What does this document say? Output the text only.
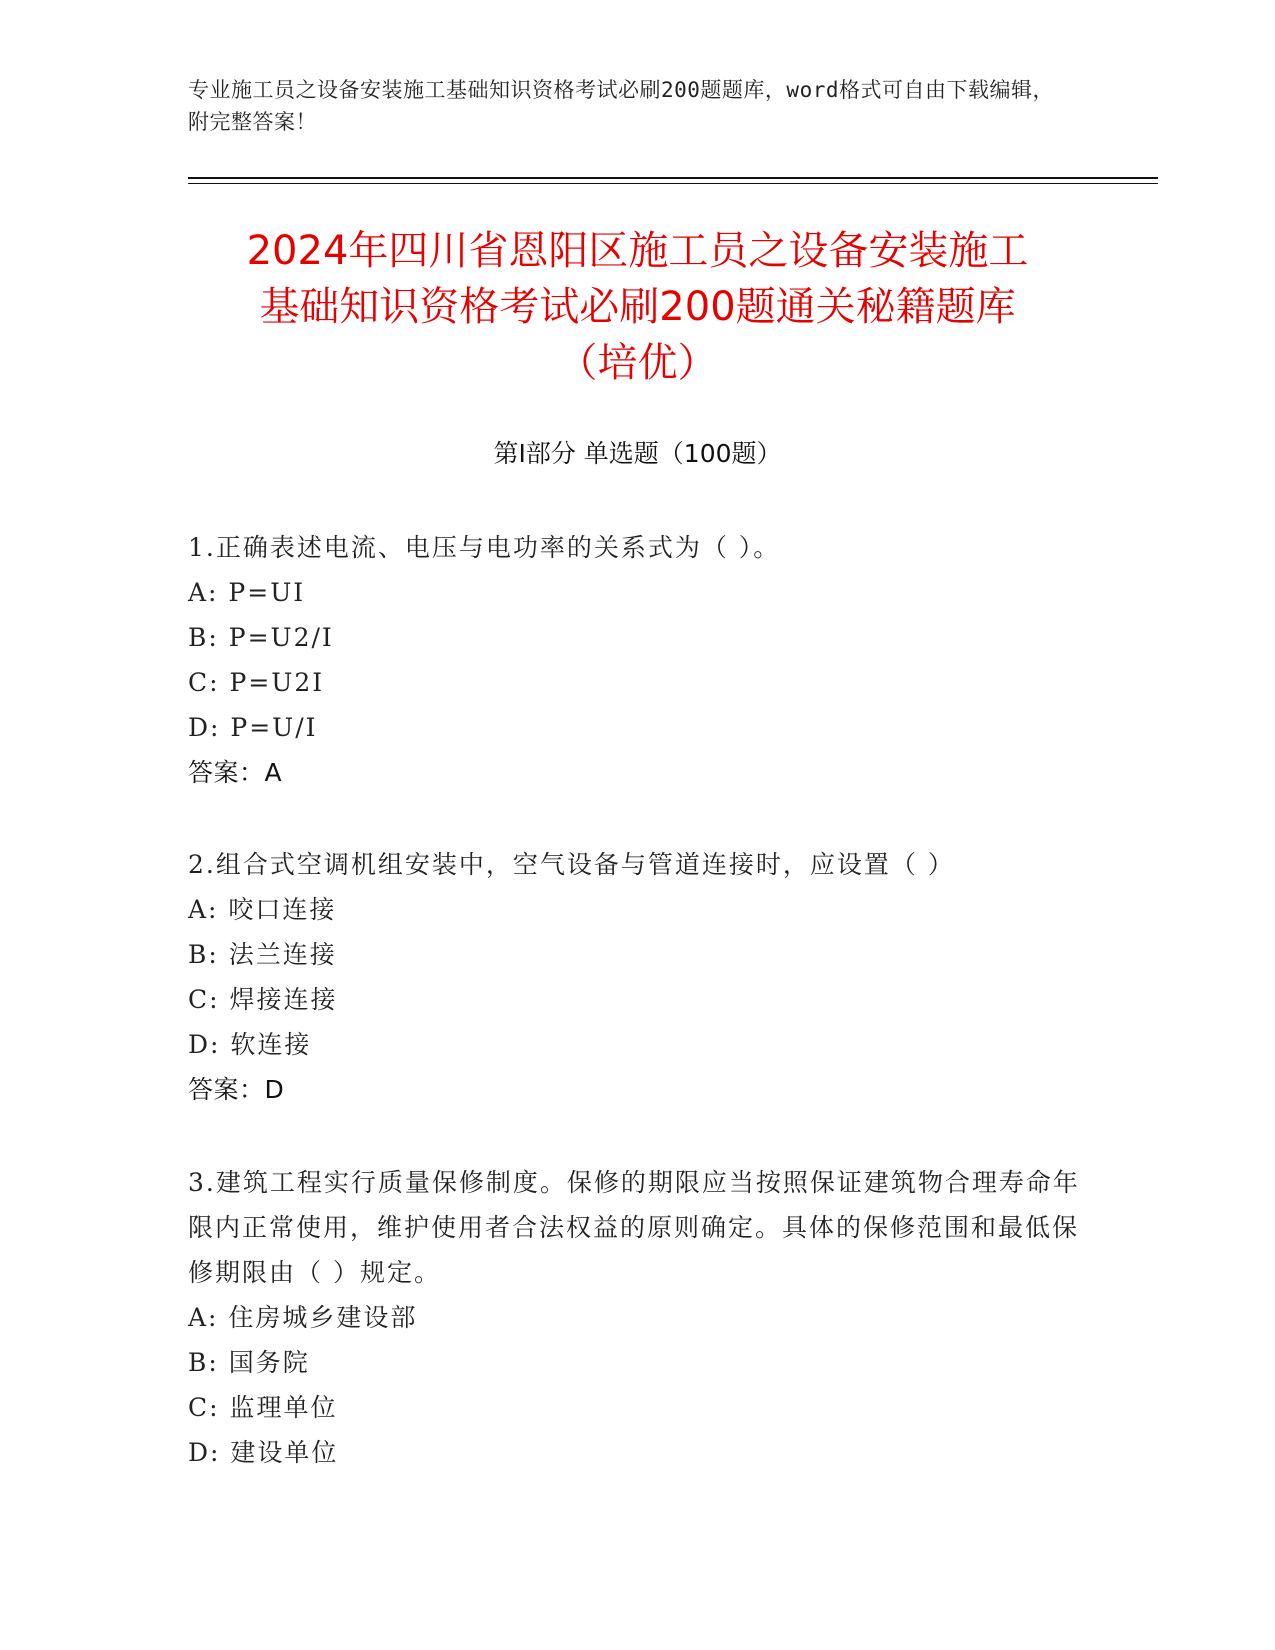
专业施工员之设备安装施工基础知识资格考试必刷200题题库，word格式可自由下载编辑，附完整答案！
2024年四川省恩阳区施工员之设备安装施工
基础知识资格考试必刷200题通关秘籍题库
（培优）
第Ⅰ部分 单选题（100题）

1.正确表述电流、电压与电功率的关系式为（ ）。

A: P=UI

B: P=U2/I

C: P=U2I

D: P=U/I

答案：A

2.组合式空调机组安装中，空气设备与管道连接时，应设置（ ）

A: 咬口连接

B: 法兰连接

C: 焊接连接

D: 软连接

答案：D

3.建筑工程实行质量保修制度。保修的期限应当按照保证建筑物合理寿命年限内正常使用，维护使用者合法权益的原则确定。具体的保修范围和最低保修期限由（ ）规定。

A: 住房城乡建设部

B: 国务院

C: 监理单位

D: 建设单位
